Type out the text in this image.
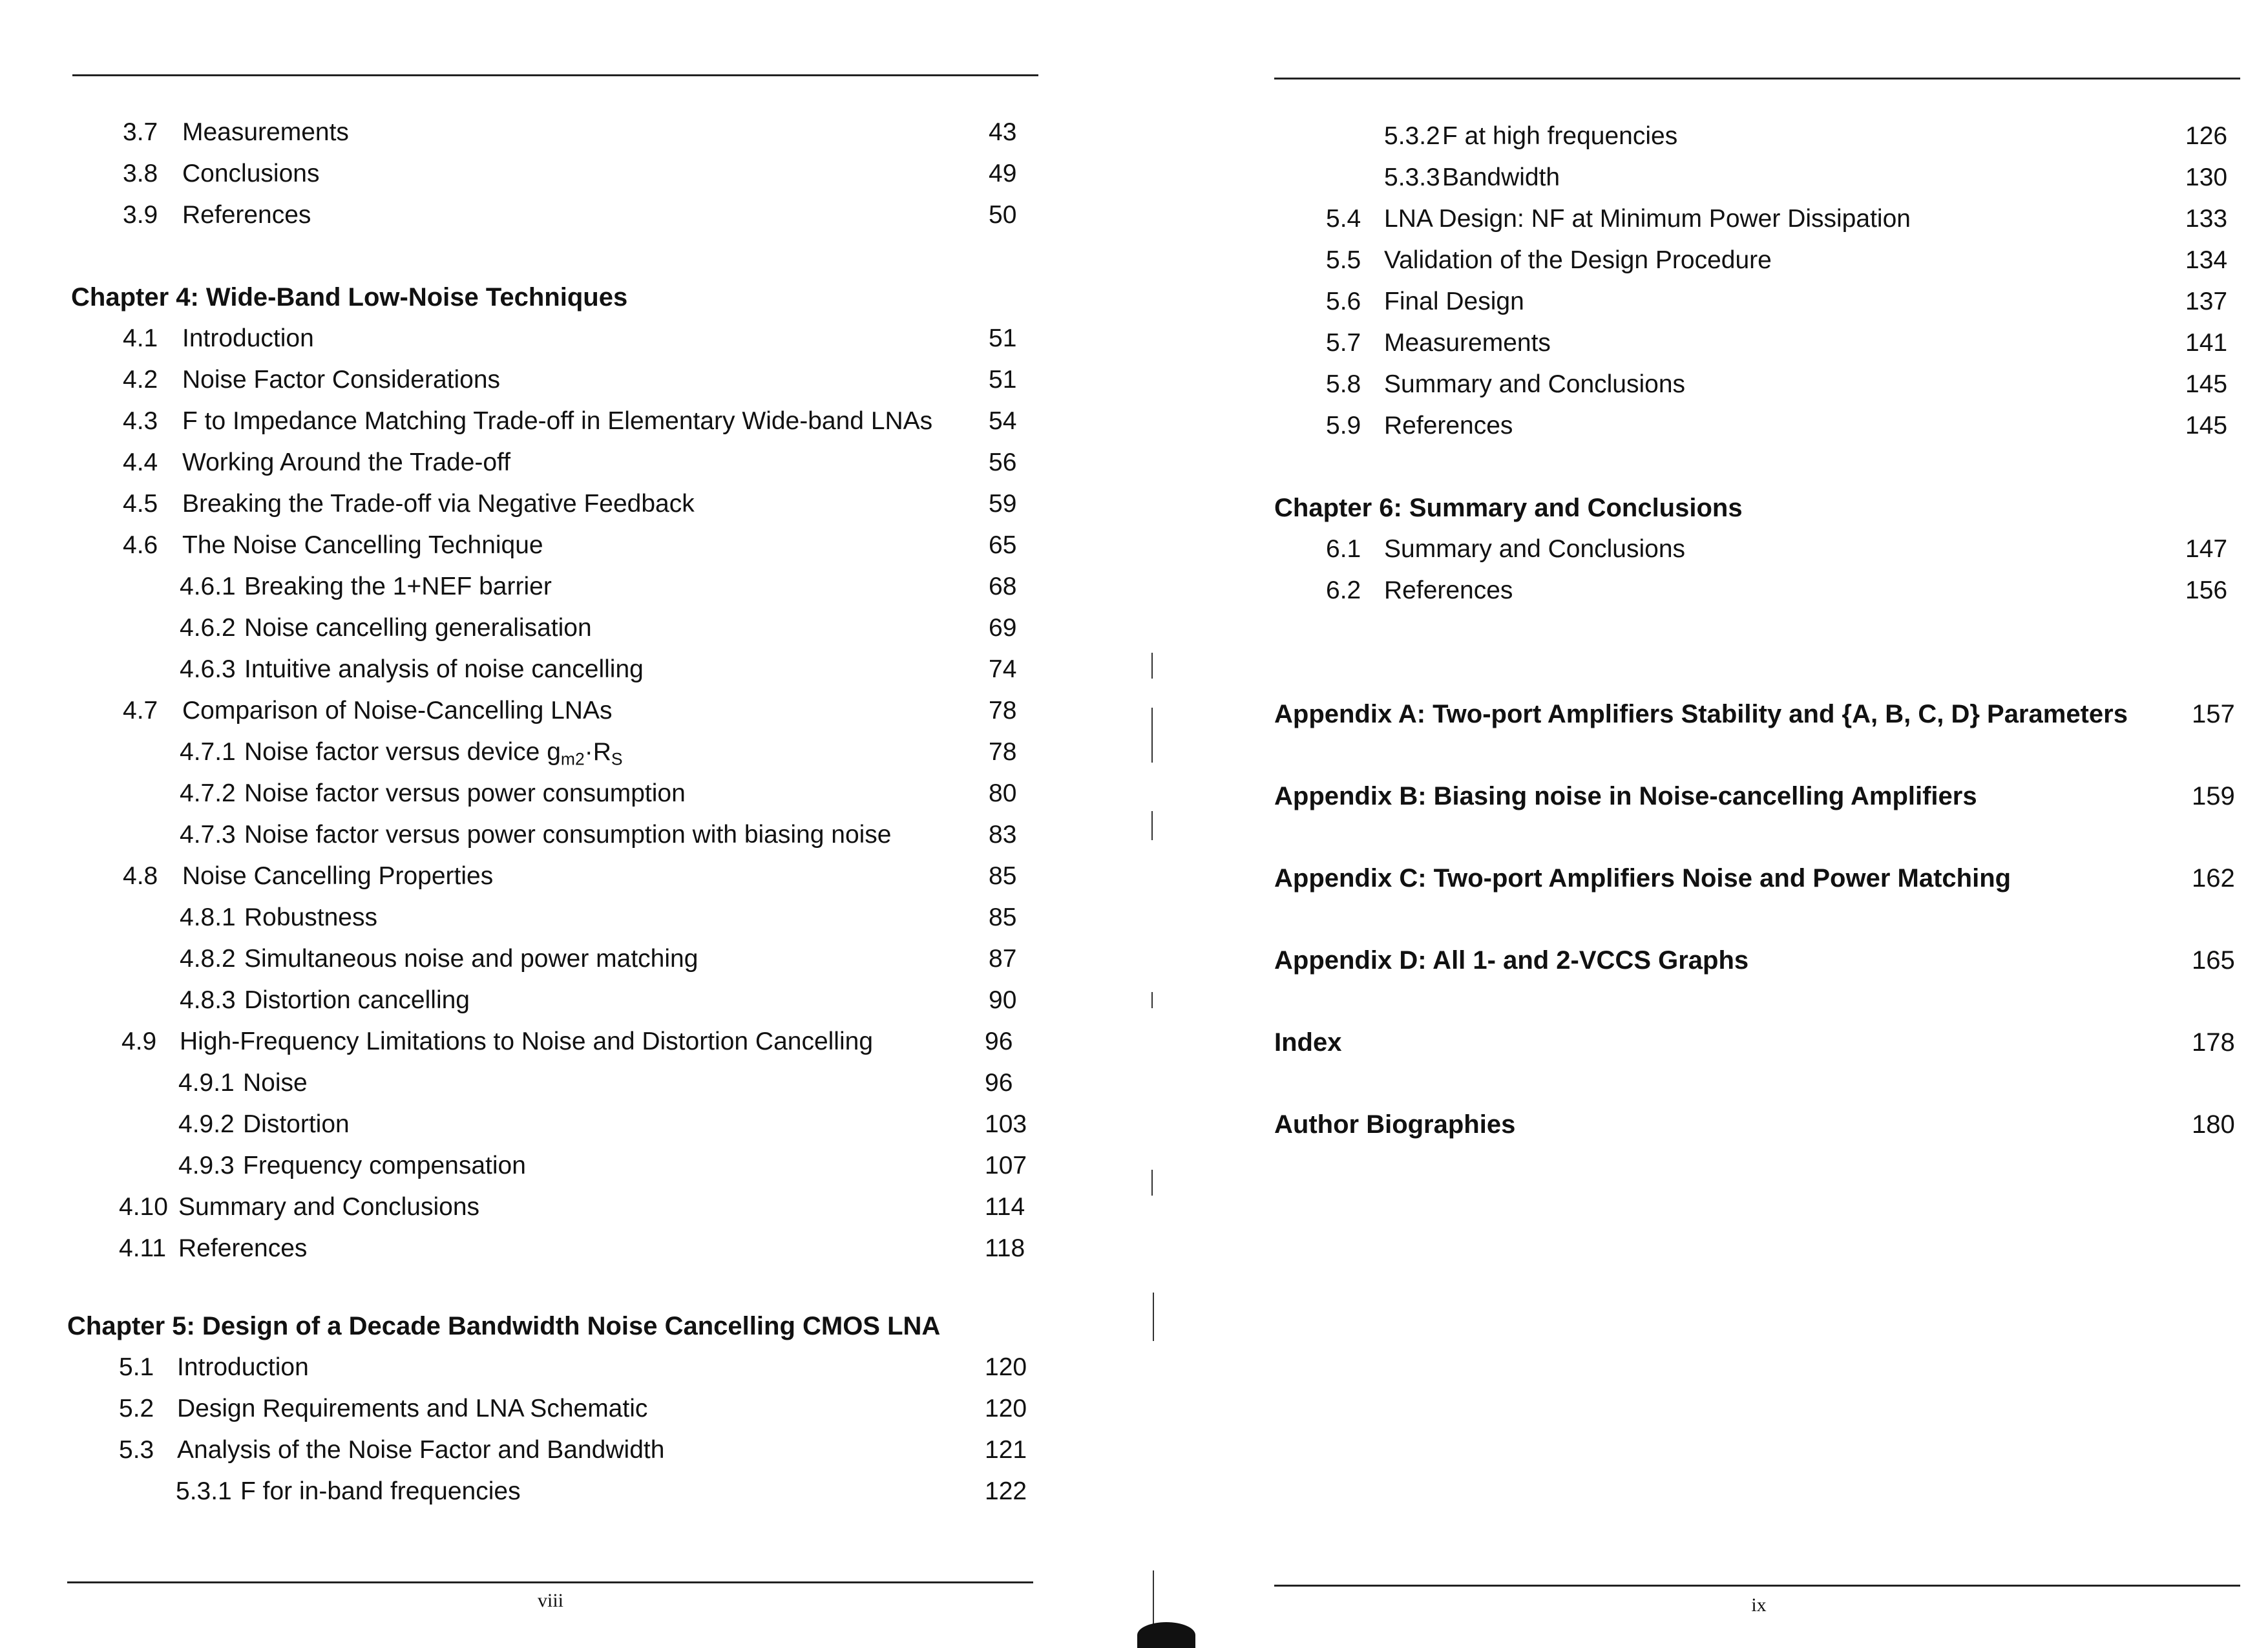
3.7 Measurements	43
3.8 Conclusions	49
3.9 References	50
Chapter 4: Wide-Band Low-Noise Techniques
4.1 Introduction	51
4.2 Noise Factor Considerations	51
4.3 F to Impedance Matching Trade-off in Elementary Wide-band LNAs 54
4.4 Working Around the Trade-off	56
4.5 Breaking the Trade-off via Negative Feedback	59
4.6 The Noise Cancelling Technique	65
4.6.1 Breaking the 1+NEF barrier	68
4.6.2 Noise cancelling generalisation	69
4.6.3 Intuitive analysis of noise cancelling	74
4.7 Comparison of Noise-Cancelling LNAs	78
4.7.1 Noise factor versus device $g_{m2}\cdot R_S$	78
4.7.2 Noise factor versus power consumption	80
4.7.3 Noise factor versus power consumption with biasing noise	83
4.8 Noise Cancelling Properties	85
4.8.1 Robustness	85
4.8.2 Simultaneous noise and power matching	87
4.8.3 Distortion cancelling	90
4.9 High-Frequency Limitations to Noise and Distortion Cancelling	96
4.9.1 Noise	96
4.9.2 Distortion	103
4.9.3 Frequency compensation	107
4.10 Summary and Conclusions	114
4.11 References	118
Chapter 5: Design of a Decade Bandwidth Noise Cancelling CMOS LNA
5.1 Introduction	120
5.2 Design Requirements and LNA Schematic	120
5.3 Analysis of the Noise Factor and Bandwidth	121
5.3.1 F for in-band frequencies	122
viii
5.3.2 F at high frequencies	126
5.3.3 Bandwidth	130
5.4 LNA Design: NF at Minimum Power Dissipation	133
5.5 Validation of the Design Procedure	134
5.6 Final Design	137
5.7 Measurements	141
5.8 Summary and Conclusions	145
5.9 References	145
Chapter 6: Summary and Conclusions
6.1 Summary and Conclusions	147
6.2 References	156
Appendix A: Two-port Amplifiers Stability and {A, B, C, D} Parameters 157
Appendix B: Biasing noise in Noise-cancelling Amplifiers	159
Appendix C: Two-port Amplifiers Noise and Power Matching	162
Appendix D: All 1- and 2-VCCS Graphs	165
Index	178
Author Biographies	180
ix
